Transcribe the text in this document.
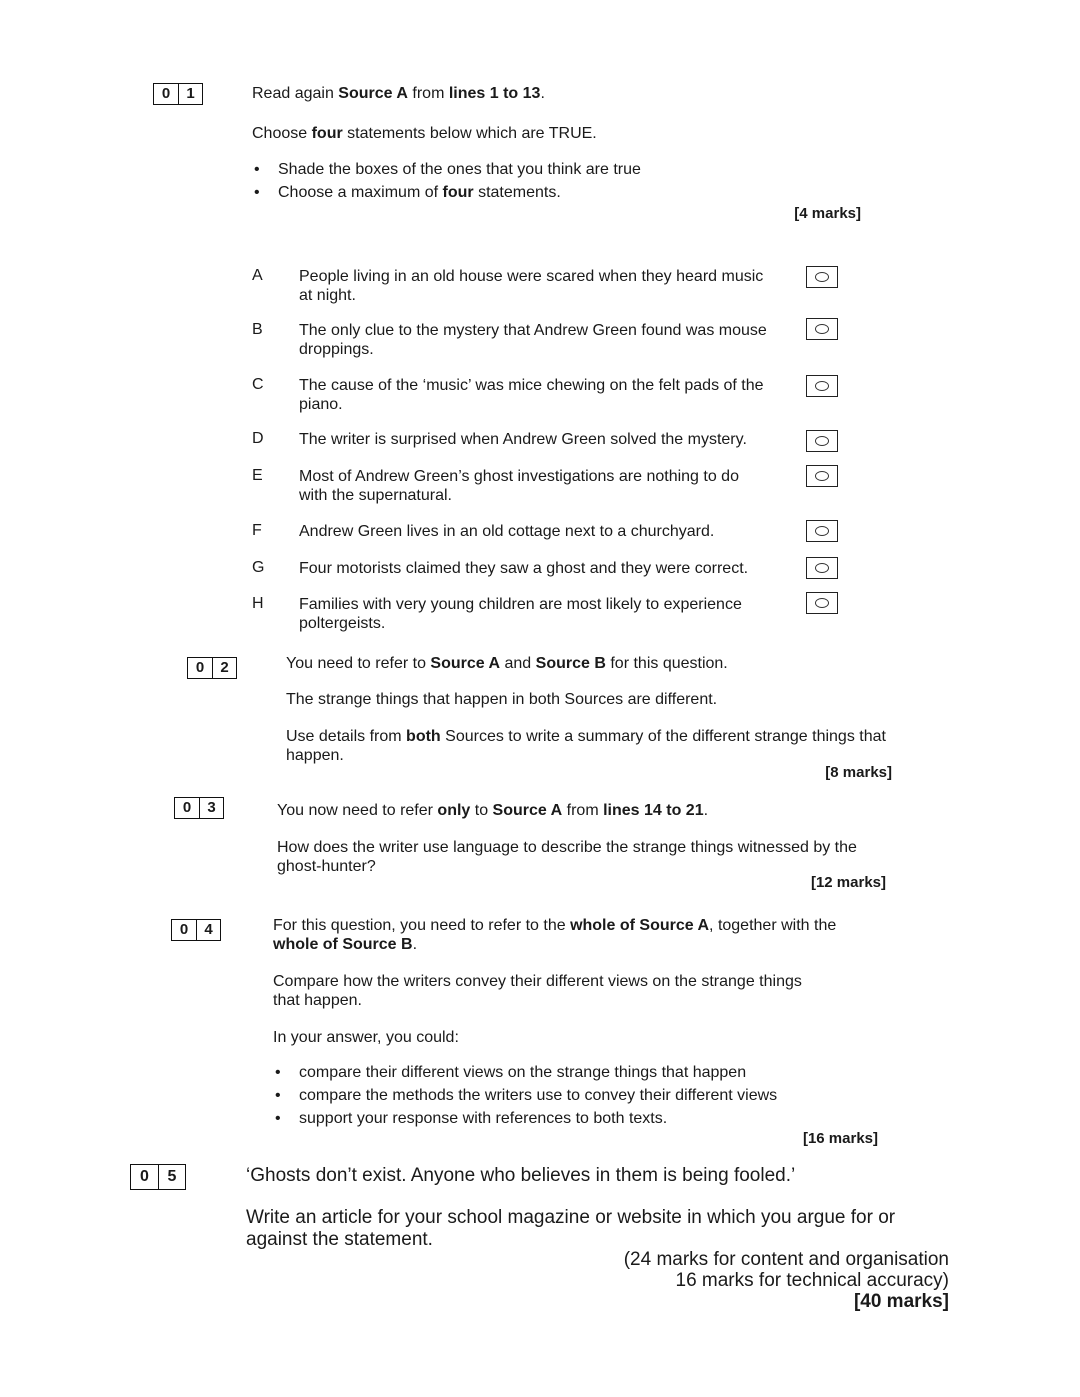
0	1	Read again Source A from lines 1 to 13.
Choose four statements below which are TRUE.
• Shade the boxes of the ones that you think are true
• Choose a maximum of four statements.
[4 marks]
A People living in an old house were scared when they heard music at night.
B The only clue to the mystery that Andrew Green found was mouse droppings.
C The cause of the ‘music’ was mice chewing on the felt pads of the piano.
D The writer is surprised when Andrew Green solved the mystery.
E Most of Andrew Green’s ghost investigations are nothing to do with the supernatural.
F Andrew Green lives in an old cottage next to a churchyard.
G Four motorists claimed they saw a ghost and they were correct.
H Families with very young children are most likely to experience poltergeists.
0	2	You need to refer to Source A and Source B for this question.
The strange things that happen in both Sources are different.
Use details from both Sources to write a summary of the different strange things that happen.
[8 marks]
0	3	You now need to refer only to Source A from lines 14 to 21.
How does the writer use language to describe the strange things witnessed by the ghost-hunter?
[12 marks]
0	4	For this question, you need to refer to the whole of Source A, together with the whole of Source B.
Compare how the writers convey their different views on the strange things that happen.
In your answer, you could:
• compare their different views on the strange things that happen
• compare the methods the writers use to convey their different views
• support your response with references to both texts.
[16 marks]
0	5	‘Ghosts don’t exist. Anyone who believes in them is being fooled.’
Write an article for your school magazine or website in which you argue for or against the statement.
(24 marks for content and organisation
16 marks for technical accuracy)
[40 marks]
